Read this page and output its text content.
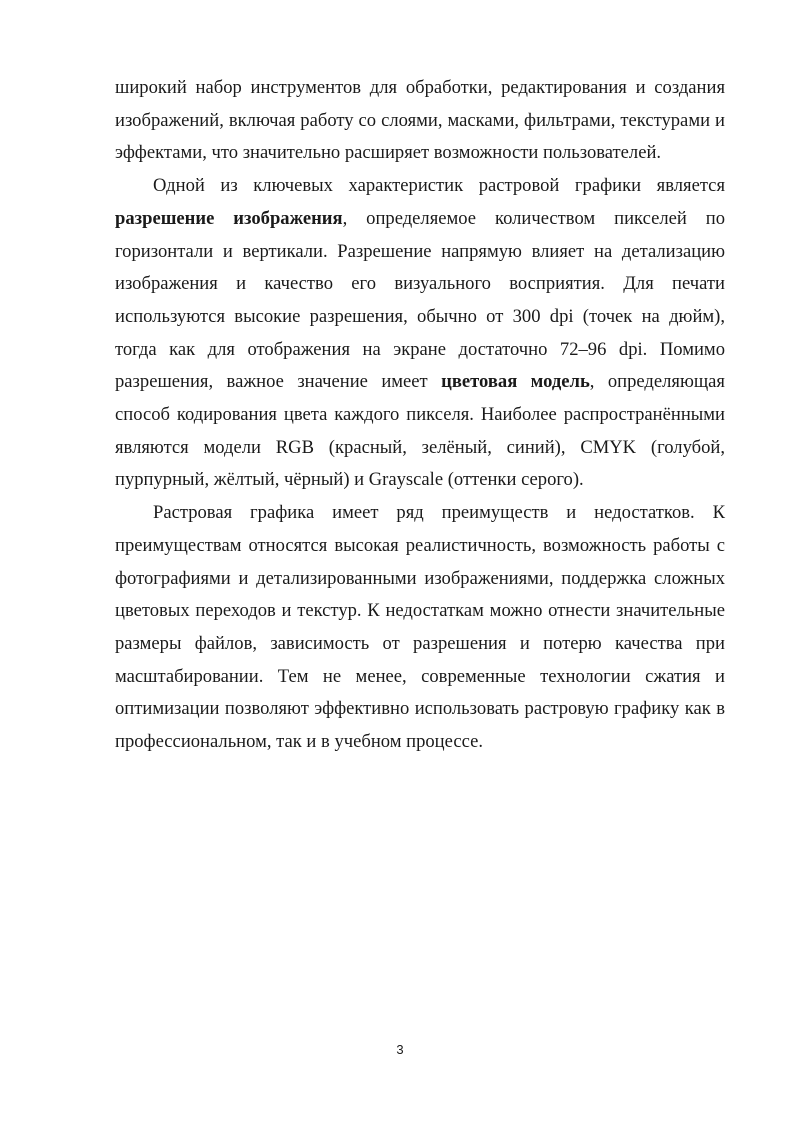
широкий набор инструментов для обработки, редактирования и создания изображений, включая работу со слоями, масками, фильтрами, текстурами и эффектами, что значительно расширяет возможности пользователей.

Одной из ключевых характеристик растровой графики является разрешение изображения, определяемое количеством пикселей по горизонтали и вертикали. Разрешение напрямую влияет на детализацию изображения и качество его визуального восприятия. Для печати используются высокие разрешения, обычно от 300 dpi (точек на дюйм), тогда как для отображения на экране достаточно 72–96 dpi. Помимо разрешения, важное значение имеет цветовая модель, определяющая способ кодирования цвета каждого пикселя. Наиболее распространёнными являются модели RGB (красный, зелёный, синий), CMYK (голубой, пурпурный, жёлтый, чёрный) и Grayscale (оттенки серого).

Растровая графика имеет ряд преимуществ и недостатков. К преимуществам относятся высокая реалистичность, возможность работы с фотографиями и детализированными изображениями, поддержка сложных цветовых переходов и текстур. К недостаткам можно отнести значительные размеры файлов, зависимость от разрешения и потерю качества при масштабировании. Тем не менее, современные технологии сжатия и оптимизации позволяют эффективно использовать растровую графику как в профессиональном, так и в учебном процессе.

3
